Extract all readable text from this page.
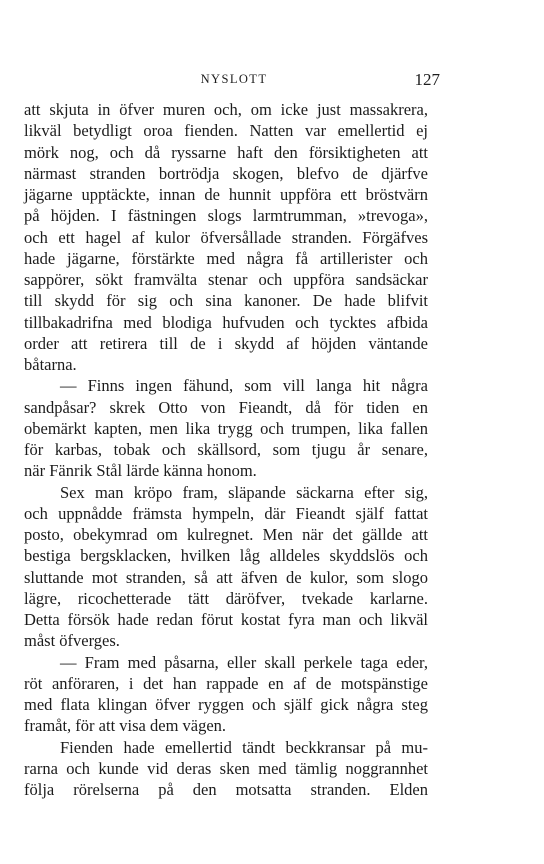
NYSLOTT	127
att skjuta in öfver muren och, om icke just massakrera,
likväl betydligt oroa fienden. Natten var emellertid ej
mörk nog, och då ryssarne haft den försiktigheten att
närmast stranden bortrödja skogen, blefvo de djärfve
jägarne upptäckte, innan de hunnit uppföra ett bröstvärn
på höjden. I fästningen slogs larmtrumman, »trevoga»,
och ett hagel af kulor öfversållade stranden. Förgäfves
hade jägarne, förstärkte med några få artillerister och
sappörer, sökt framvälta stenar och uppföra sandsäckar
till skydd för sig och sina kanoner. De hade blifvit
tillbakadrifna med blodiga hufvuden och tycktes afbida
order att retirera till de i skydd af höjden väntande
båtarna.
— Finns ingen fähund, som vill langa hit några
sandpåsar? skrek Otto von Fieandt, då för tiden en
obemärkt kapten, men lika trygg och trumpen, lika fallen
för karbas, tobak och skällsord, som tjugu år senare,
när Fänrik Stål lärde känna honom.
Sex man kröpo fram, släpande säckarna efter sig,
och uppnådde främsta hympeln, där Fieandt själf fattat
posto, obekymrad om kulregnet. Men när det gällde att
bestiga bergsklacken, hvilken låg alldeles skyddslös och
sluttande mot stranden, så att äfven de kulor, som slogo
lägre, ricochetterade tätt däröfver, tvekade karlarne.
Detta försök hade redan förut kostat fyra man och likväl
måst öfverges.
— Fram med påsarna, eller skall perkele taga eder,
röt anföraren, i det han rappade en af de motspänstige
med flata klingan öfver ryggen och själf gick några steg
framåt, för att visa dem vägen.
Fienden hade emellertid tändt beckkransar på mu-
rarna och kunde vid deras sken med tämlig noggrannhet
följa rörelserna på den motsatta stranden. Elden
